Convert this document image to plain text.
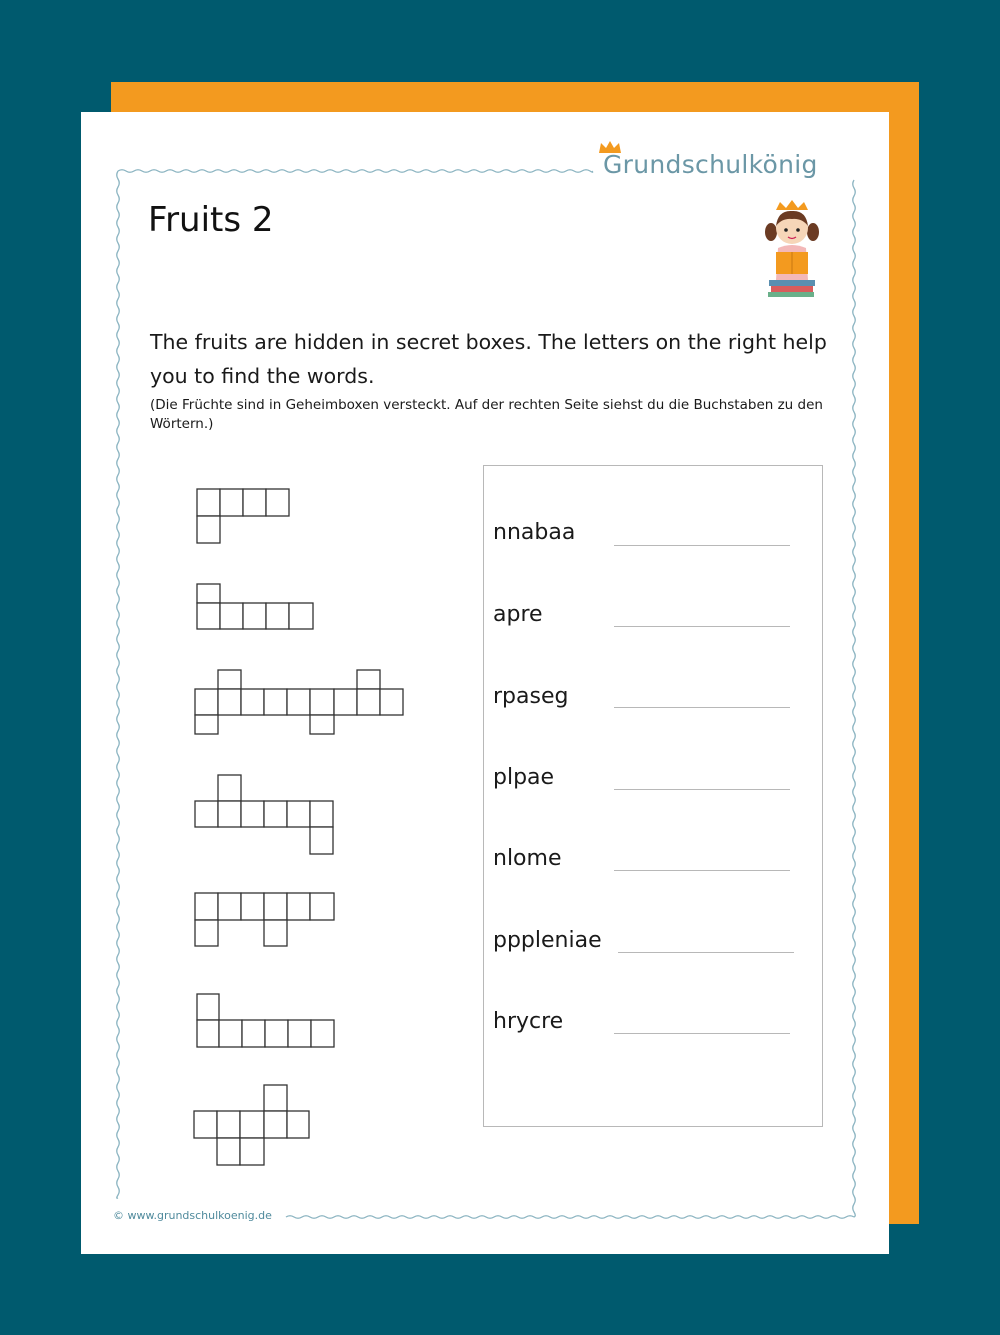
Grundschulkönig
Fruits 2
The fruits are hidden in secret boxes. The letters on the right help you to find the words.
(Die Früchte sind in Geheimboxen versteckt. Auf der rechten Seite siehst du die Buchstaben zu den Wörtern.)
nnabaa
apre
rpaseg
plpae
nlome
pppleniae
hrycre
© www.grundschulkoenig.de
